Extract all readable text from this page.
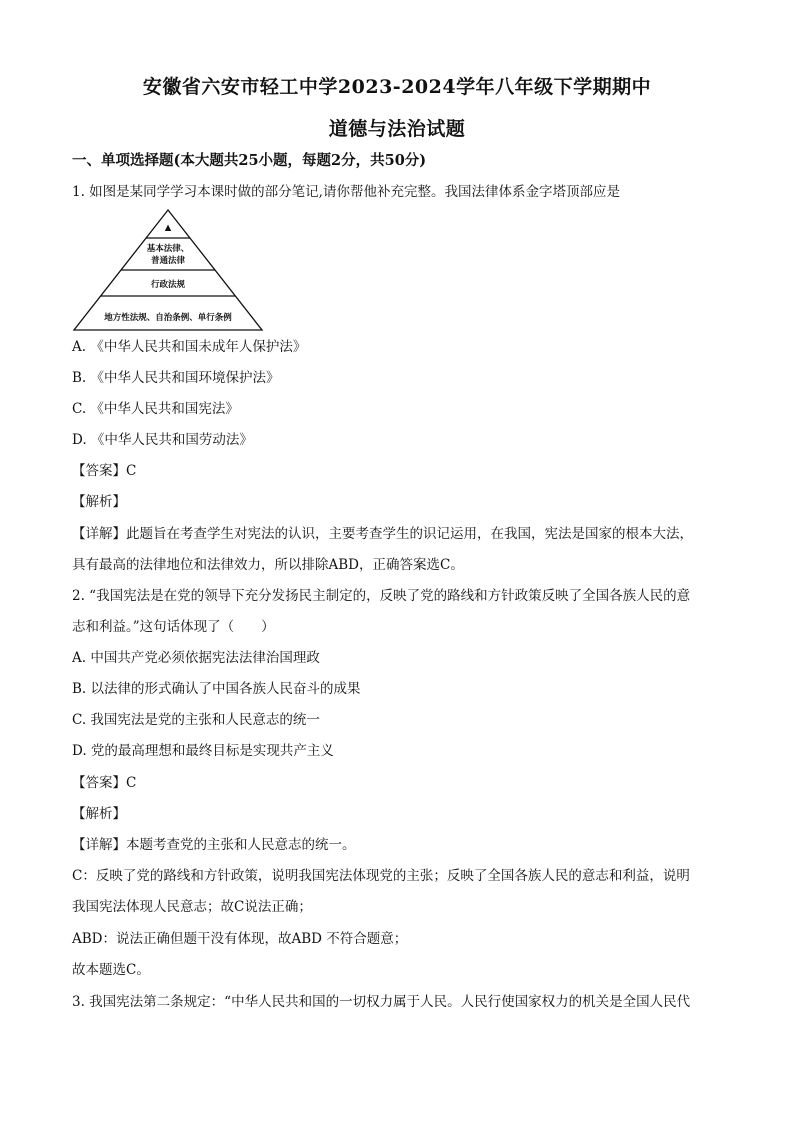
安徽省六安市轻工中学2023-2024学年八年级下学期期中
道德与法治试题
一、单项选择题(本大题共25小题，每题2分，共50分)
1. 如图是某同学学习本课时做的部分笔记,请你帮他补充完整。我国法律体系金字塔顶部应是
▲
基本法律、
普通法律
行政法规
地方性法规、自治条例、单行条例
A. 《中华人民共和国未成年人保护法》
B. 《中华人民共和国环境保护法》
C. 《中华人民共和国宪法》
D. 《中华人民共和国劳动法》
【答案】C
【解析】
【详解】此题旨在考查学生对宪法的认识，主要考查学生的识记运用，在我国，宪法是国家的根本大法，
具有最高的法律地位和法律效力，所以排除ABD，正确答案选C。
2. “我国宪法是在党的领导下充分发扬民主制定的，反映了党的路线和方针政策反映了全国各族人民的意
志和利益。”这句话体现了（　　）
A. 中国共产党必须依据宪法法律治国理政
B. 以法律的形式确认了中国各族人民奋斗的成果
C. 我国宪法是党的主张和人民意志的统一
D. 党的最高理想和最终目标是实现共产主义
【答案】C
【解析】
【详解】本题考查党的主张和人民意志的统一。
C：反映了党的路线和方针政策，说明我国宪法体现党的主张；反映了全国各族人民的意志和利益，说明
我国宪法体现人民意志；故C说法正确；
ABD：说法正确但题干没有体现，故ABD 不符合题意；
故本题选C。
3. 我国宪法第二条规定：“中华人民共和国的一切权力属于人民。人民行使国家权力的机关是全国人民代
